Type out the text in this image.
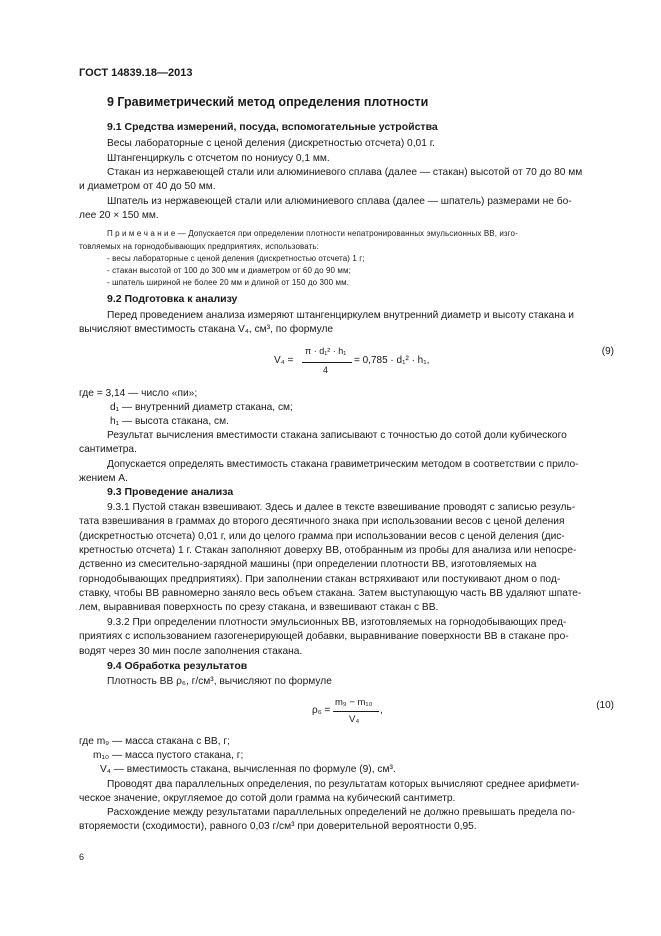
ГОСТ 14839.18—2013
9 Гравиметрический метод определения плотности
9.1 Средства измерений, посуда, вспомогательные устройства
Весы лабораторные с ценой деления (дискретностью отсчета) 0,01 г.
Штангенциркуль с отсчетом по нониусу 0,1 мм.
Стакан из нержавеющей стали или алюминиевого сплава (далее — стакан) высотой от 70 до 80 мм
и диаметром от 40 до 50 мм.
Шпатель из нержавеющей стали или алюминиевого сплава (далее — шпатель) размерами не бо-
лее 20 × 150 мм.
П р и м е ч а н и е — Допускается при определении плотности непатронированных эмульсионных ВВ, изго-
товляемых на горнодобывающих предприятиях, использовать:
- весы лабораторные с ценой деления (дискретностью отсчета) 1 г;
- стакан высотой от 100 до 300 мм и диаметром от 60 до 90 мм;
- шпатель шириной не более 20 мм и длиной от 150 до 300 мм.
9.2 Подготовка к анализу
Перед проведением анализа измеряют штангенциркулем внутренний диаметр и высоту стакана и
вычисляют вместимость стакана V₄, см³, по формуле
V₄ =
π · d₁² · h₁
4
= 0,785 · d₁² · h₁,
(9)
где = 3,14 — число «пи»;
d₁ — внутренний диаметр стакана, см;
h₁ — высота стакана, см.
Результат вычисления вместимости стакана записывают с точностью до сотой доли кубического
сантиметра.
Допускается определять вместимость стакана гравиметрическим методом в соответствии с прило-
жением А.
9.3 Проведение анализа
9.3.1 Пустой стакан взвешивают. Здесь и далее в тексте взвешивание проводят с записью резуль-
тата взвешивания в граммах до второго десятичного знака при использовании весов с ценой деления
(дискретностью отсчета) 0,01 г, или до целого грамма при использовании весов с ценой деления (дис-
кретностью отсчета) 1 г. Стакан заполняют доверху ВВ, отобранным из пробы для анализа или непосре-
дственно из смесительно-зарядной машины (при определении плотности ВВ, изготовляемых на
горнодобывающих предприятиях). При заполнении стакан встряхивают или постукивают дном о под-
ставку, чтобы ВВ равномерно заняло весь объем стакана. Затем выступающую часть ВВ удаляют шпате-
лем, выравнивая поверхность по срезу стакана, и взвешивают стакан с ВВ.
9.3.2 При определении плотности эмульсионных ВВ, изготовляемых на горнодобывающих пред-
приятиях с использованием газогенерирующей добавки, выравнивание поверхности ВВ в стакане про-
водят через 30 мин после заполнения стакана.
9.4 Обработка результатов
Плотность ВВ ρ₆, г/см³, вычисляют по формуле
ρ₆ =
m₉ − m₁₀
V₄
,	(10)
где m₉ — масса стакана с ВВ, г;
m₁₀ — масса пустого стакана, г;
V₄ — вместимость стакана, вычисленная по формуле (9), см³.
Проводят два параллельных определения, по результатам которых вычисляют среднее арифмети-
ческое значение, округляемое до сотой доли грамма на кубический сантиметр.
Расхождение между результатами параллельных определений не должно превышать предела по-
вторяемости (сходимости), равного 0,03 г/см³ при доверительной вероятности 0,95.
6
